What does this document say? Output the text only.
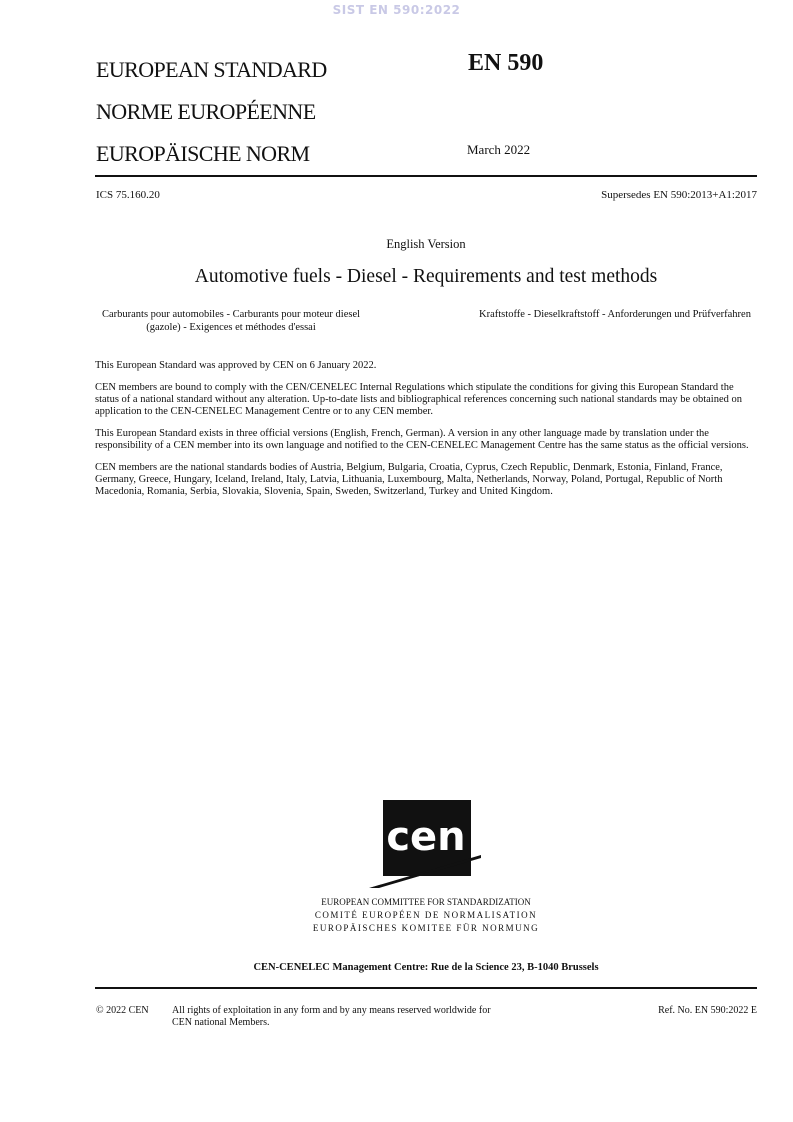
SIST EN 590:2022
EUROPEAN STANDARD
NORME EUROPÉENNE
EUROPÄISCHE NORM
EN 590
March 2022
ICS 75.160.20	Supersedes EN 590:2013+A1:2017
English Version
Automotive fuels - Diesel - Requirements and test methods
Carburants pour automobiles - Carburants pour moteur diesel (gazole) - Exigences et méthodes d'essai
Kraftstoffe - Dieselkraftstoff - Anforderungen und Prüfverfahren

This European Standard was approved by CEN on 6 January 2022.

CEN members are bound to comply with the CEN/CENELEC Internal Regulations which stipulate the conditions for giving this European Standard the status of a national standard without any alteration. Up-to-date lists and bibliographical references concerning such national standards may be obtained on application to the CEN-CENELEC Management Centre or to any CEN member.

This European Standard exists in three official versions (English, French, German). A version in any other language made by translation under the responsibility of a CEN member into its own language and notified to the CEN-CENELEC Management Centre has the same status as the official versions.

CEN members are the national standards bodies of Austria, Belgium, Bulgaria, Croatia, Cyprus, Czech Republic, Denmark, Estonia, Finland, France, Germany, Greece, Hungary, Iceland, Ireland, Italy, Latvia, Lithuania, Luxembourg, Malta, Netherlands, Norway, Poland, Portugal, Republic of North Macedonia, Romania, Serbia, Slovakia, Slovenia, Spain, Sweden, Switzerland, Turkey and United Kingdom.

cen
EUROPEAN COMMITTEE FOR STANDARDIZATION
COMITÉ EUROPÉEN DE NORMALISATION
EUROPÄISCHES KOMITEE FÜR NORMUNG
CEN-CENELEC Management Centre: Rue de la Science 23, B-1040 Brussels
© 2022 CEN All rights of exploitation in any form and by any means reserved worldwide for CEN national Members.
Ref. No. EN 590:2022 E
